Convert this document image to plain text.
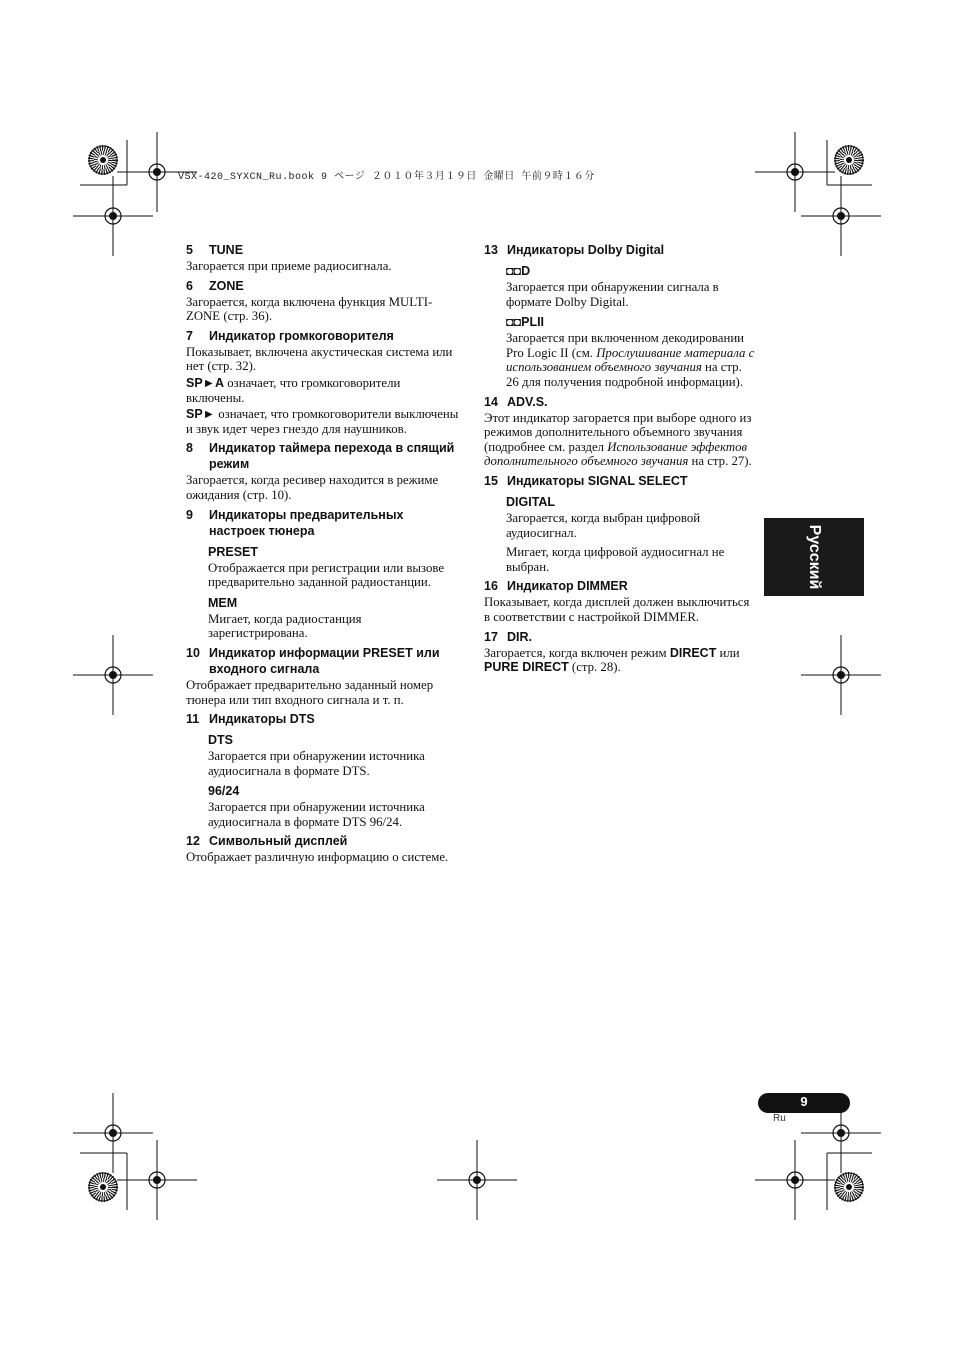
VSX-420_SYXCN_Ru.book 9 ページ ２０１０年３月１９日 金曜日 午前９時１６分
5	TUNE
Загорается при приеме радиосигнала.
6	ZONE
Загорается, когда включена функция MULTI-ZONE (стр. 36).
7	Индикатор громкоговорителя
Показывает, включена акустическая система или нет (стр. 32).
SP►A означает, что громкоговорители включены.
SP► означает, что громкоговорители выключены и звук идет через гнездо для наушников.
8	Индикатор таймера перехода в спящий режим
Загорается, когда ресивер находится в режиме ожидания (стр. 10).
9	Индикаторы предварительных настроек тюнера
PRESET
Отображается при регистрации или вызове предварительно заданной радиостанции.
MEM
Мигает, когда радиостанция зарегистрирована.
10 Индикатор информации PRESET или входного сигнала
Отображает предварительно заданный номер тюнера или тип входного сигнала и т. п.
11 Индикаторы DTS
DTS
Загорается при обнаружении источника аудиосигнала в формате DTS.
96/24
Загорается при обнаружении источника аудиосигнала в формате DTS 96/24.
12 Символьный дисплей
Отображает различную информацию о системе.
13 Индикаторы Dolby Digital
◘◘D
Загорается при обнаружении сигнала в формате Dolby Digital.
◘◘PLII
Загорается при включенном декодировании Pro Logic II (см. Прослушивание материала с использованием объемного звучания на стр. 26 для получения подробной информации).
14 ADV.S.
Этот индикатор загорается при выборе одного из режимов дополнительного объемного звучания (подробнее см. раздел Использование эффектов дополнительного объемного звучания на стр. 27).
15 Индикаторы SIGNAL SELECT
DIGITAL
Загорается, когда выбран цифровой аудиосигнал.
Мигает, когда цифровой аудиосигнал не выбран.
16 Индикатор DIMMER
Показывает, когда дисплей должен выключиться в соответствии с настройкой DIMMER.
17 DIR.
Загорается, когда включен режим DIRECT или PURE DIRECT (стр. 28).
Русский
9
Ru
